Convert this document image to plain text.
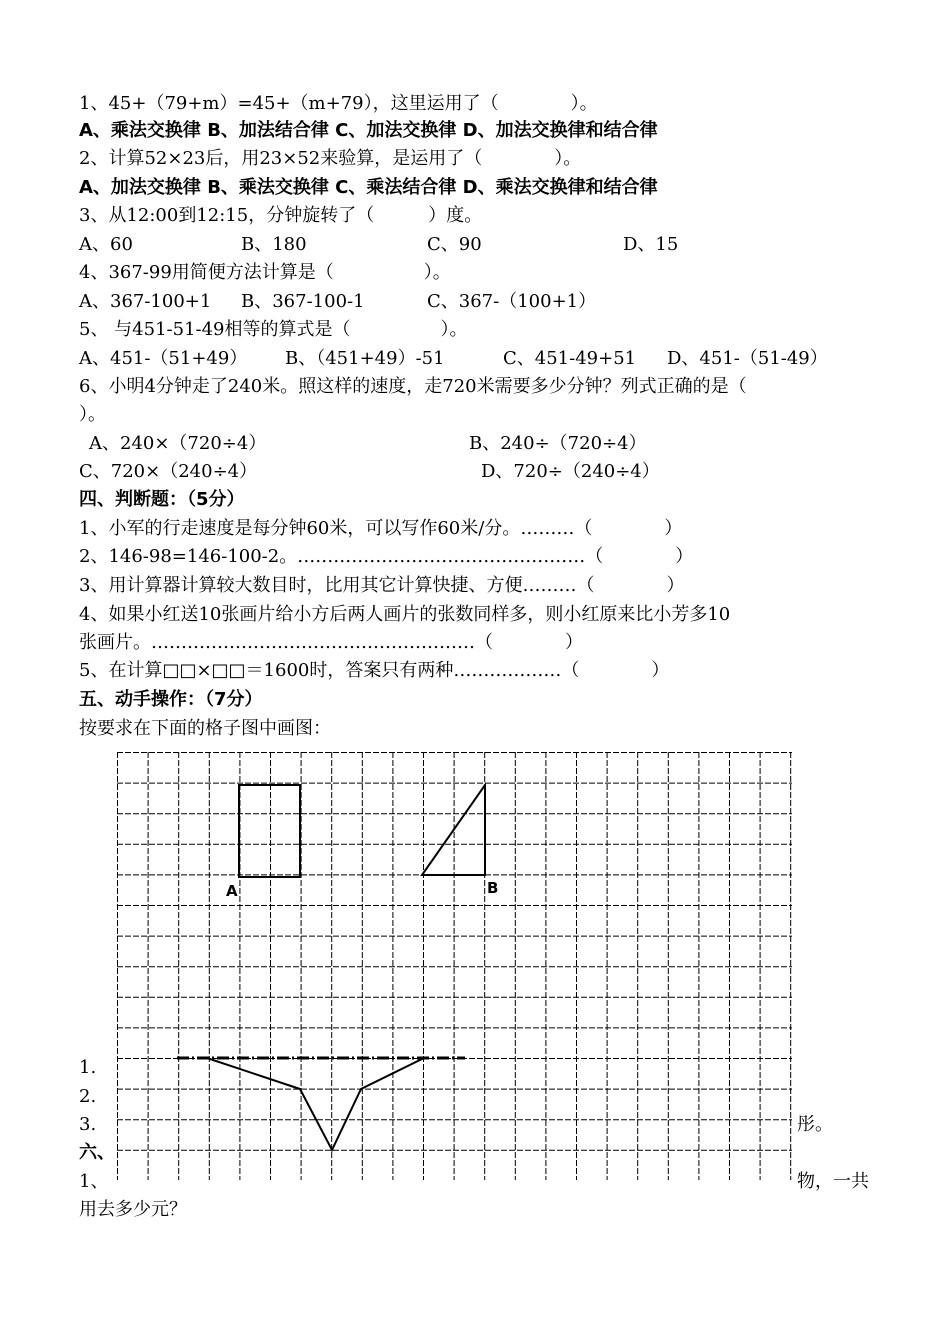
1、45+（79+m）=45+（m+79），这里运用了（　　　　）。
A、乘法交换律 B、加法结合律 C、加法交换律 D、加法交换律和结合律
2、计算52×23后，用23×52来验算，是运用了（　　　　）。
A、加法交换律 B、乘法交换律 C、乘法结合律 D、乘法交换律和结合律
3、从12:00到12:15，分钟旋转了（　　　）度。
A、60	B、180	C、90	D、15
4、367-99用简便方法计算是（　　　　　）。
A、367-100+1 B、367-100-1	C、367-（100+1）
5、 与451-51-49相等的算式是（　　　　　）。
A、451-（51+49） B、（451+49）-51	C、451-49+51 D、451-（51-49）
6、小明4分钟走了240米。照这样的速度，走720米需要多少分钟？列式正确的是（
）。
A、240×（720÷4）	B、240÷（720÷4）
C、720×（240÷4）	D、720÷（240÷4）
四、判断题：（5分）
1、小军的行走速度是每分钟60米，可以写作60米/分。………（　　　　）
2、146-98=146-100-2。…………………………………………（　　　　）
3、用计算器计算较大数目时，比用其它计算快捷、方便………（　　　　）
4、如果小红送10张画片给小方后两人画片的张数同样多，则小红原来比小芳多10
张画片。………………………………………………（　　　　）
5、在计算□□×□□＝1600时，答案只有两种………………（　　　　）
五、动手操作：（7分）
按要求在下面的格子图中画图：
1.
2.
3.	彤。
六、
1、	物，一共
用去多少元？
A	B
